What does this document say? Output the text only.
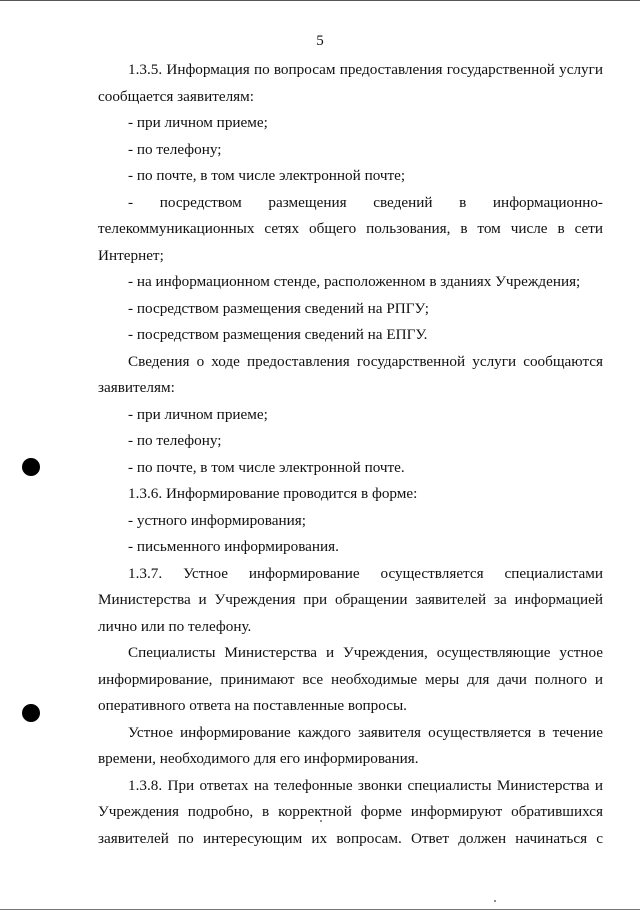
5

1.3.5. Информация по вопросам предоставления государственной услуги сообщается заявителям:

- при личном приеме;

- по телефону;

- по почте, в том числе электронной почте;

- посредством размещения сведений в информационно-телекоммуникационных сетях общего пользования, в том числе в сети Интернет;

- на информационном стенде, расположенном в зданиях Учреждения;

- посредством размещения сведений на РПГУ;

- посредством размещения сведений на ЕПГУ.

Сведения о ходе предоставления государственной услуги сообщаются заявителям:

- при личном приеме;

- по телефону;

- по почте, в том числе электронной почте.

1.3.6. Информирование проводится в форме:

- устного информирования;

- письменного информирования.

1.3.7. Устное информирование осуществляется специалистами Министерства и Учреждения при обращении заявителей за информацией лично или по телефону.

Специалисты Министерства и Учреждения, осуществляющие устное информирование, принимают все необходимые меры для дачи полного и оперативного ответа на поставленные вопросы.

Устное информирование каждого заявителя осуществляется в течение времени, необходимого для его информирования.

1.3.8. При ответах на телефонные звонки специалисты Министерства и Учреждения подробно, в корректной форме информируют обратившихся заявителей по интересующим их вопросам. Ответ должен начинаться с
